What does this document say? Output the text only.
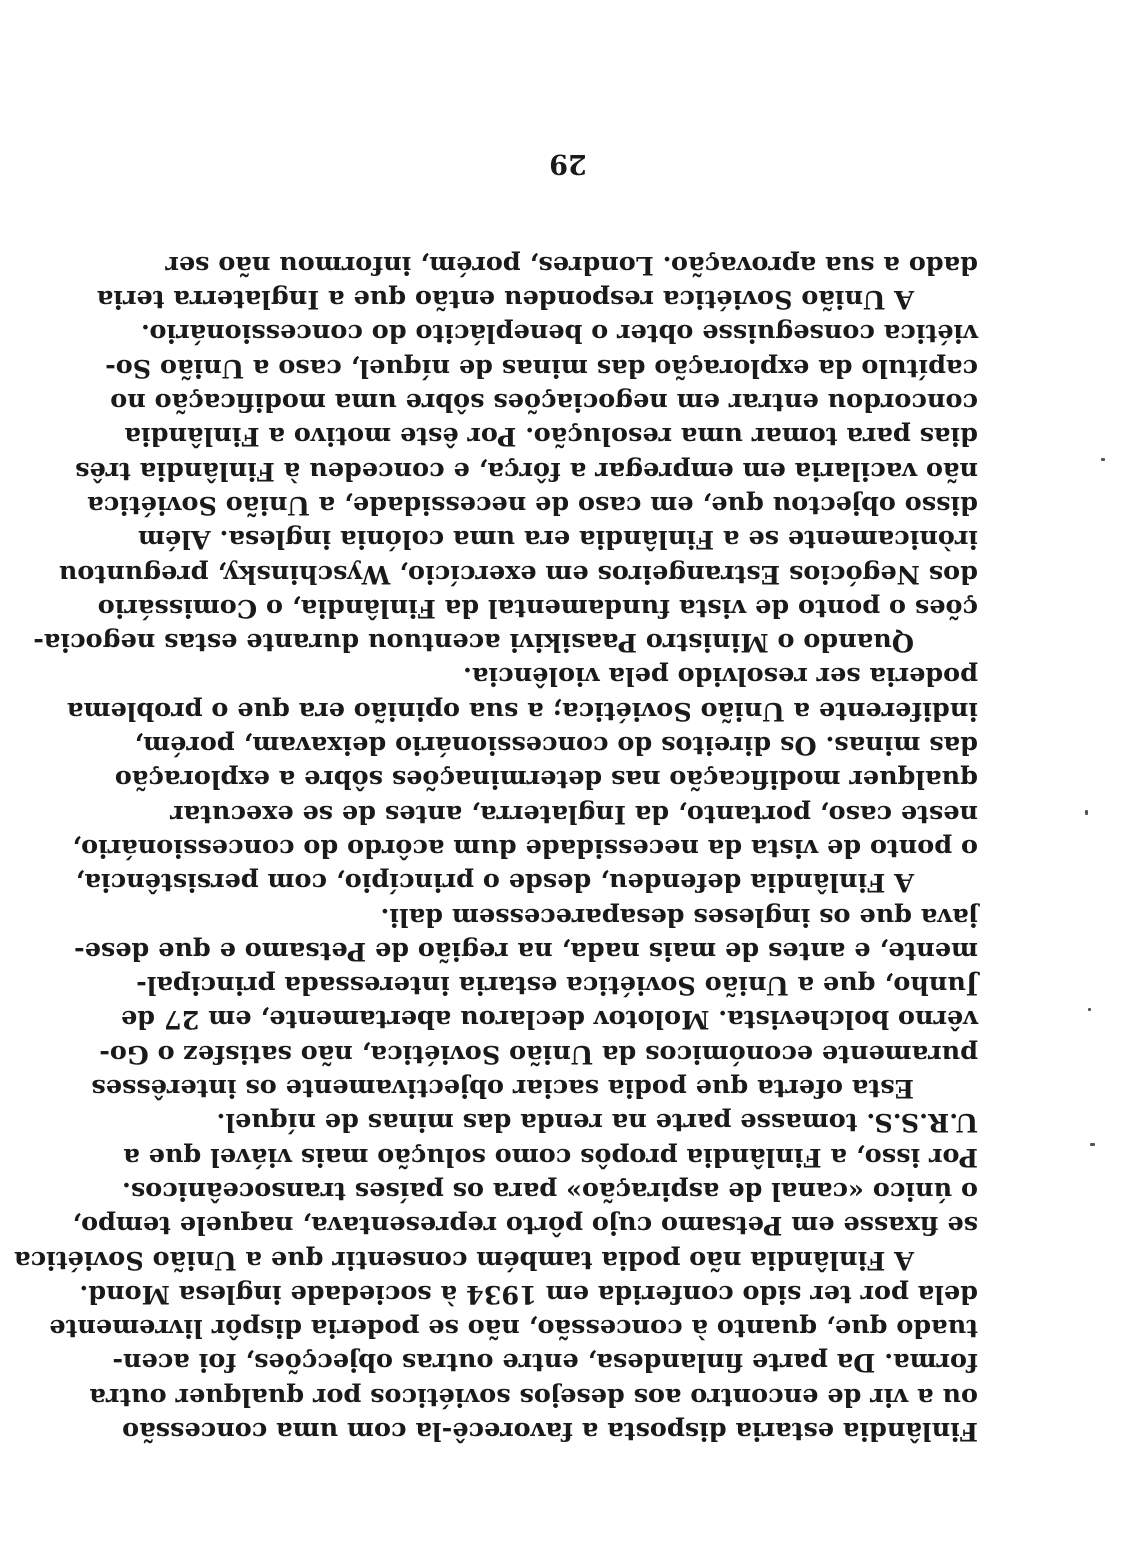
Finlândia estaria disposta a favorecê-la com uma concessão
ou a vir de encontro aos desejos soviéticos por qualquer outra
forma. Da parte finlandesa, entre outras objecções, foi acen-
tuado que, quanto à concessão, não se poderia dispôr livremente
dela por ter sido conferida em 1934 à sociedade inglesa Mond.
A Finlândia não podia também consentir que a União Soviética
se fixasse em Petsamo cujo pôrto representava, naquele tempo,
o único «canal de aspiração» para os países transoceânicos.
Por isso, a Finlândia propôs como solução mais viável que a
U.R.S.S. tomasse parte na renda das minas de níquel.
Esta oferta que podia saciar objectivamente os interêsses
puramente económicos da União Soviética, não satisfez o Go-
vêrno bolchevista. Molotov declarou abertamente, em 27 de
Junho, que a União Soviética estaria interessada principal-
mente, e antes de mais nada, na região de Petsamo e que dese-
java que os ingleses desaparecessem dali.
A Finlândia defendeu, desde o princípio, com persistência,
o ponto de vista da necessidade dum acôrdo do concessionário,
neste caso, portanto, da Inglaterra, antes de se executar
qualquer modificação nas determinações sôbre a exploração
das minas. Os direitos do concessionário deixavam, porém,
indiferente a União Soviética; a sua opinião era que o problema
poderia ser resolvido pela violência.
Quando o Ministro Paasikivi acentuou durante estas negocia-
ções o ponto de vista fundamental da Finlândia, o Comissário
dos Negócios Estrangeiros em exercício, Wyschinsky, preguntou
irònicamente se a Finlândia era uma colónia inglesa. Além
disso objectou que, em caso de necessidade, a União Soviética
não vacilaria em empregar a fôrça, e concedeu à Finlândia três
dias para tomar uma resolução. Por êste motivo a Finlândia
concordou entrar em negociações sôbre uma modificação no
capítulo da exploração das minas de níquel, caso a União So-
viética conseguisse obter o beneplácito do concessionário.
A União Soviética respondeu então que a Inglaterra teria
dado a sua aprovação. Londres, porém, informou não ser
29
